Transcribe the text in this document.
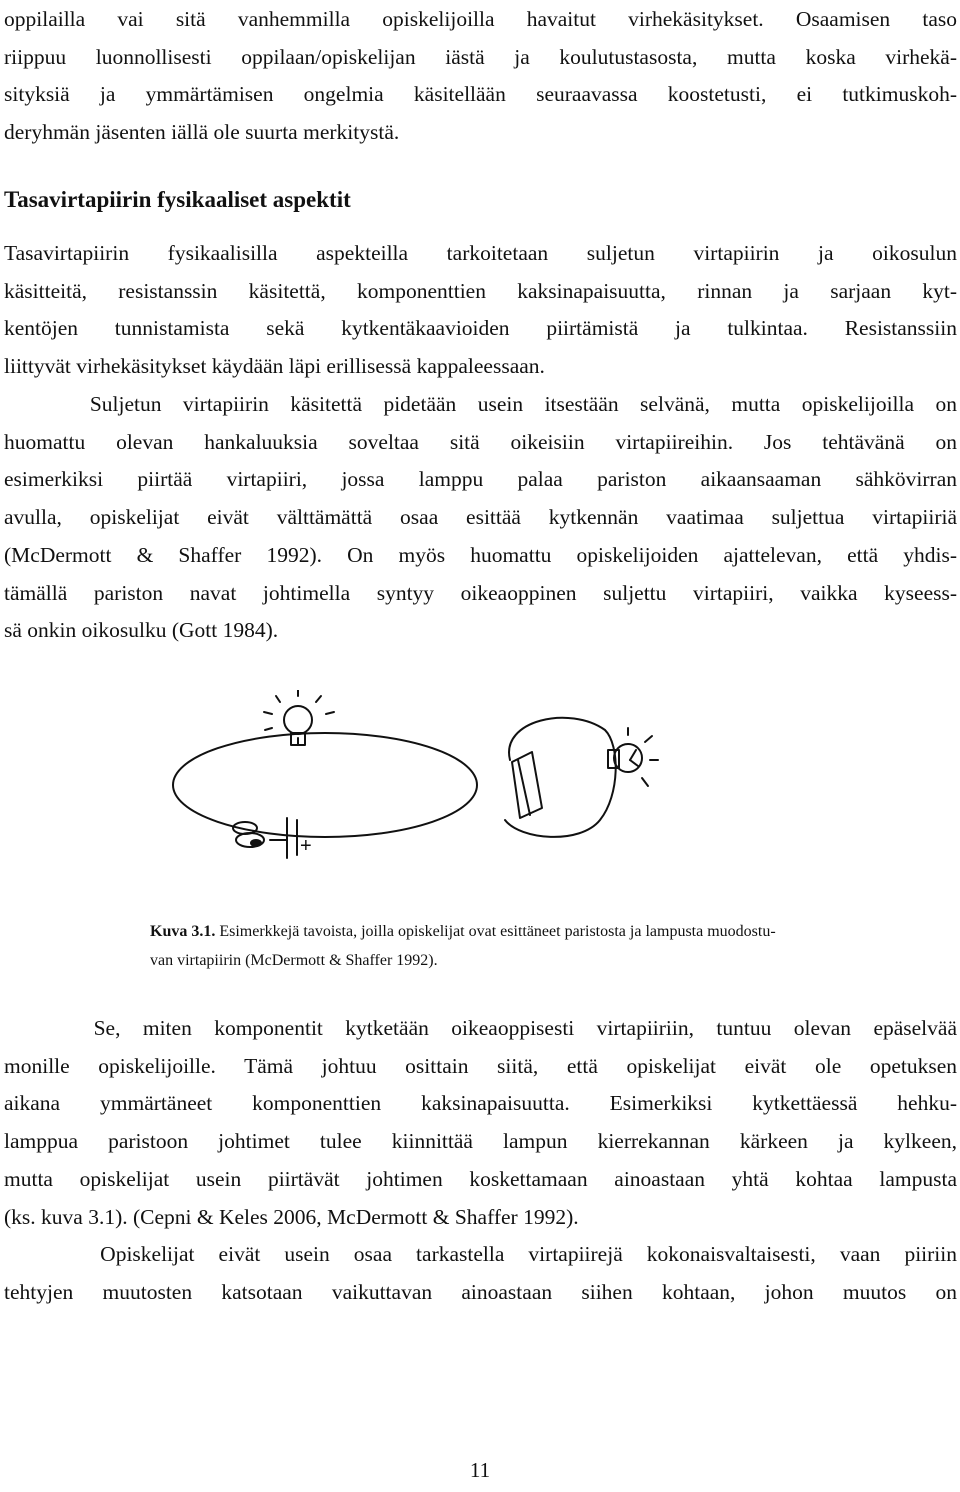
oppilailla vai sitä vanhemmilla opiskelijoilla havaitut virhekäsitykset. Osaamisen taso
riippuu luonnollisesti oppilaan/opiskelijan iästä ja koulutustasosta, mutta koska virhekä-
sityksiä ja ymmärtämisen ongelmia käsitellään seuraavassa koostetusti, ei tutkimuskoh-
deryhmän jäsenten iällä ole suurta merkitystä.
Tasavirtapiirin fysikaaliset aspektit
Tasavirtapiirin fysikaalisilla aspekteilla tarkoitetaan suljetun virtapiirin ja oikosulun
käsitteitä, resistanssin käsitettä, komponenttien kaksinapaisuutta, rinnan ja sarjaan kyt-
kentöjen tunnistamista sekä kytkentäkaavioiden piirtämistä ja tulkintaa. Resistanssiin
liittyvät virhekäsitykset käydään läpi erillisessä kappaleessaan.
Suljetun virtapiirin käsitettä pidetään usein itsestään selvänä, mutta opiskelijoilla on
huomattu olevan hankaluuksia soveltaa sitä oikeisiin virtapiireihin. Jos tehtävänä on
esimerkiksi piirtää virtapiiri, jossa lamppu palaa pariston aikaansaaman sähkövirran
avulla, opiskelijat eivät välttämättä osaa esittää kytkennän vaatimaa suljettua virtapiiriä
(McDermott & Shaffer 1992). On myös huomattu opiskelijoiden ajattelevan, että yhdis-
tämällä pariston navat johtimella syntyy oikeaoppinen suljettu virtapiiri, vaikka kyseess-
sä onkin oikosulku (Gott 1984).
+
Kuva 3.1. Esimerkkejä tavoista, joilla opiskelijat ovat esittäneet paristosta ja lampusta muodostu-
van virtapiirin (McDermott & Shaffer 1992).
Se, miten komponentit kytketään oikeaoppisesti virtapiiriin, tuntuu olevan epäselvää
monille opiskelijoille. Tämä johtuu osittain siitä, että opiskelijat eivät ole opetuksen
aikana ymmärtäneet komponenttien kaksinapaisuutta. Esimerkiksi kytkettäessä hehku-
lamppua paristoon johtimet tulee kiinnittää lampun kierrekannan kärkeen ja kylkeen,
mutta opiskelijat usein piirtävät johtimen koskettamaan ainoastaan yhtä kohtaa lampusta
(ks. kuva 3.1). (Cepni & Keles 2006, McDermott & Shaffer 1992).
Opiskelijat eivät usein osaa tarkastella virtapiirejä kokonaisvaltaisesti, vaan piiriin
tehtyjen muutosten katsotaan vaikuttavan ainoastaan siihen kohtaan, johon muutos on
11
